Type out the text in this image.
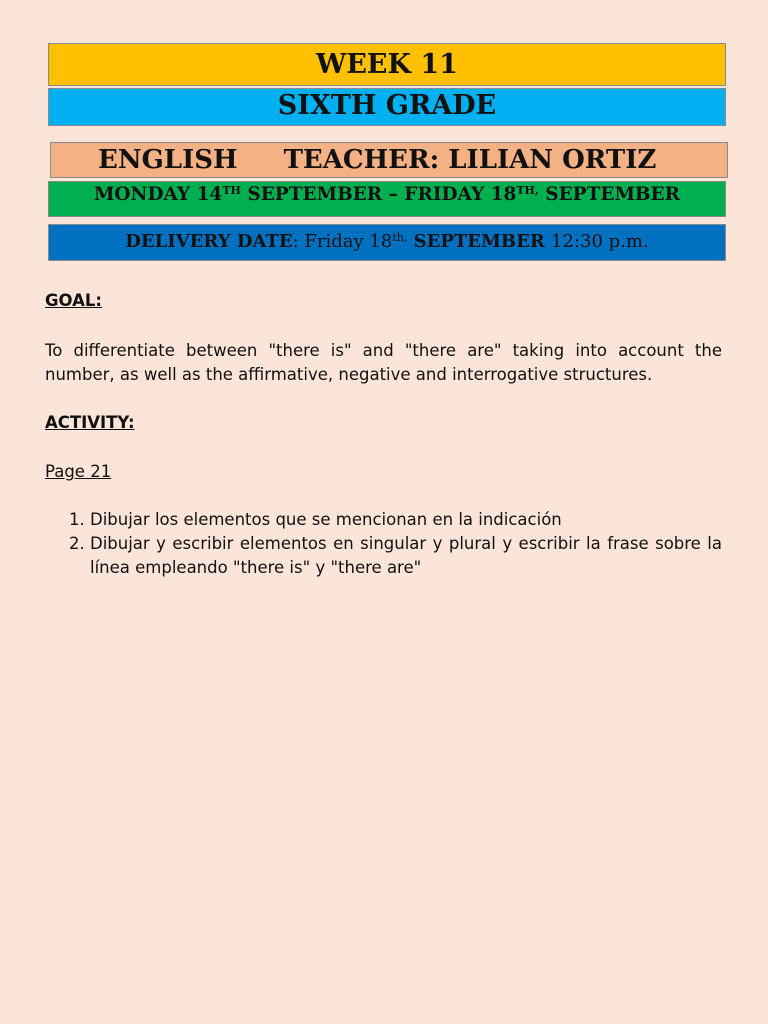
WEEK 11
SIXTH GRADE
ENGLISH TEACHER: LILIAN ORTIZ
MONDAY 14TH SEPTEMBER – FRIDAY $18^{TH,}$ SEPTEMBER
DELIVERY DATE: Friday $18^{th,}$ SEPTEMBER 12:30 p.m.

GOAL:

To differentiate between "there is" and "there are" taking into account the number, as well as the affirmative, negative and interrogative structures.

ACTIVITY:

Page 21

1. Dibujar los elementos que se mencionan en la indicación
2. Dibujar y escribir elementos en singular y plural y escribir la frase sobre la línea empleando "there is" y "there are"
